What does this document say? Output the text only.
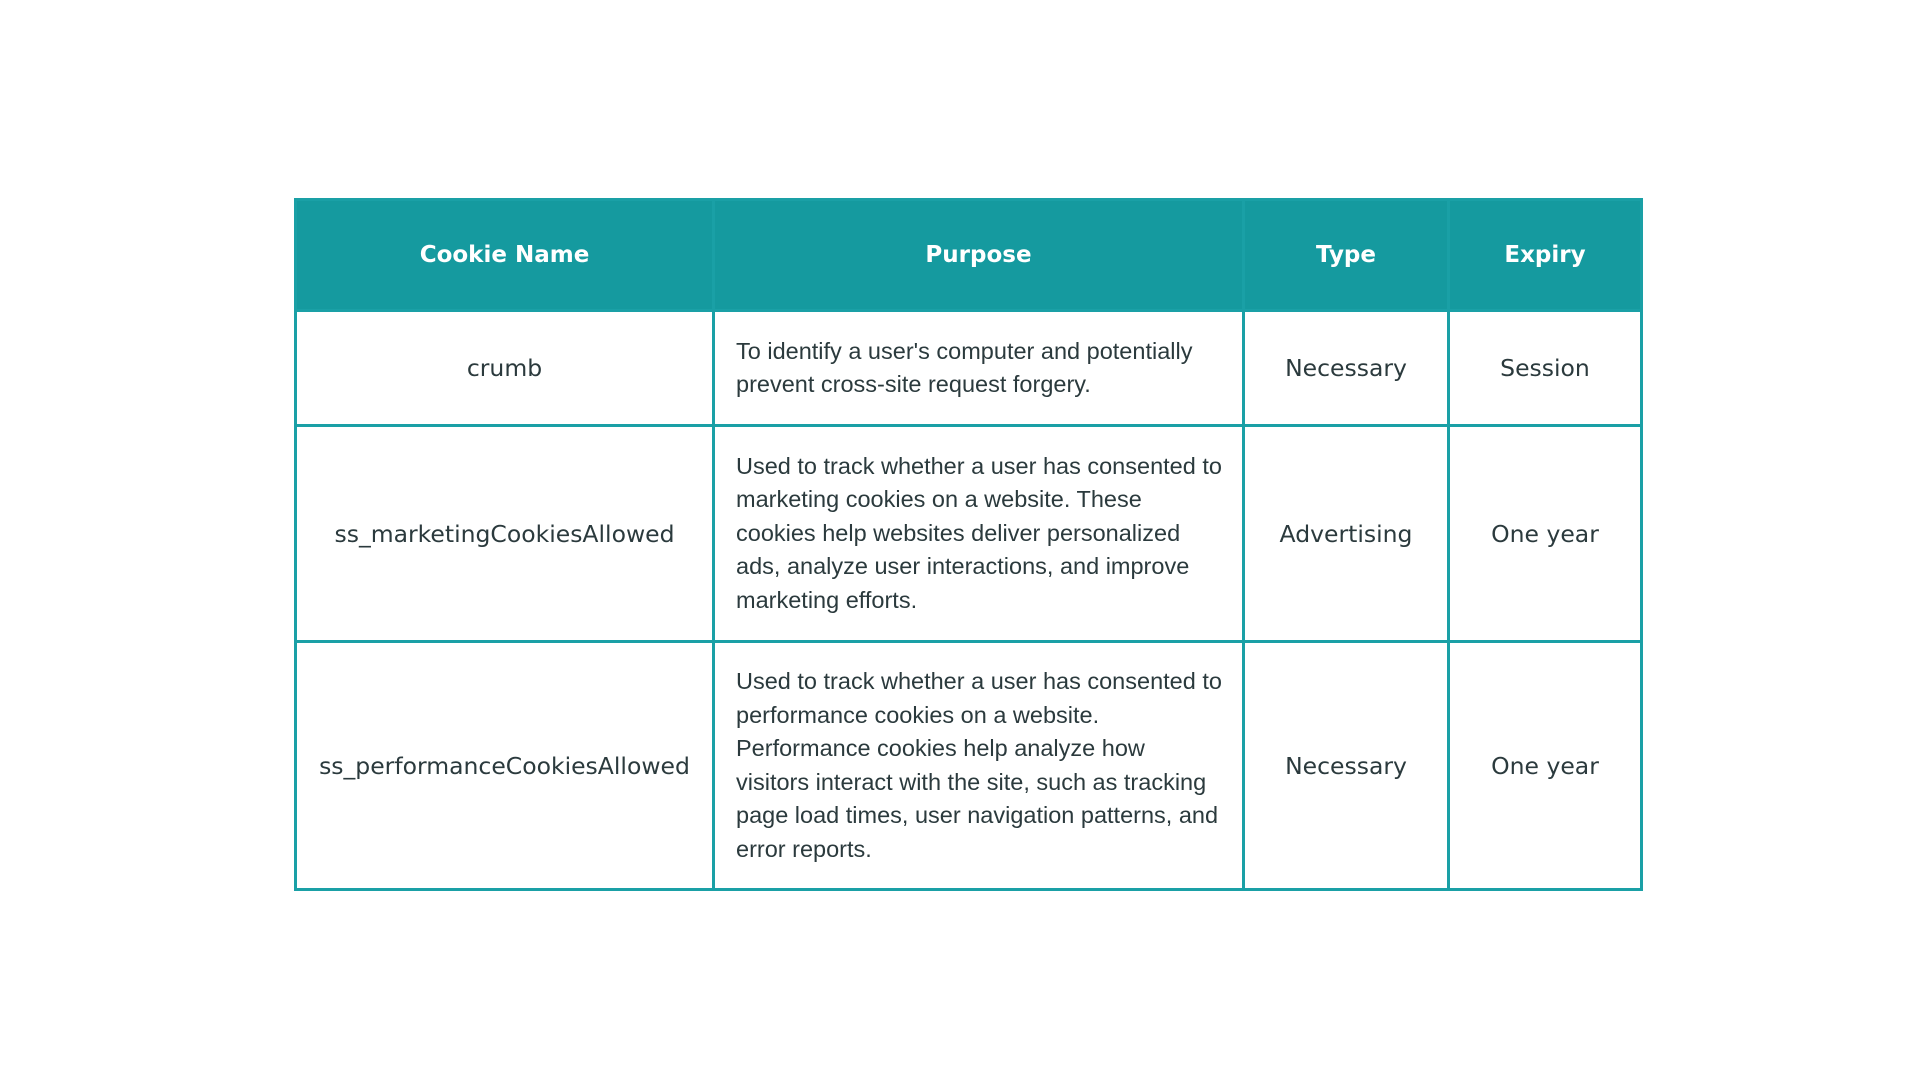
Cookie Name	Purpose	Type	Expiry
crumb	To identify a user's computer and potentially prevent cross-site request forgery.	Necessary	Session
ss_marketingCookiesAllowed	Used to track whether a user has consented to marketing cookies on a website. These cookies help websites deliver personalized ads, analyze user interactions, and improve marketing efforts.	Advertising	One year
ss_performanceCookiesAllowed	Used to track whether a user has consented to performance cookies on a website. Performance cookies help analyze how visitors interact with the site, such as tracking page load times, user navigation patterns, and error reports.	Necessary	One year
